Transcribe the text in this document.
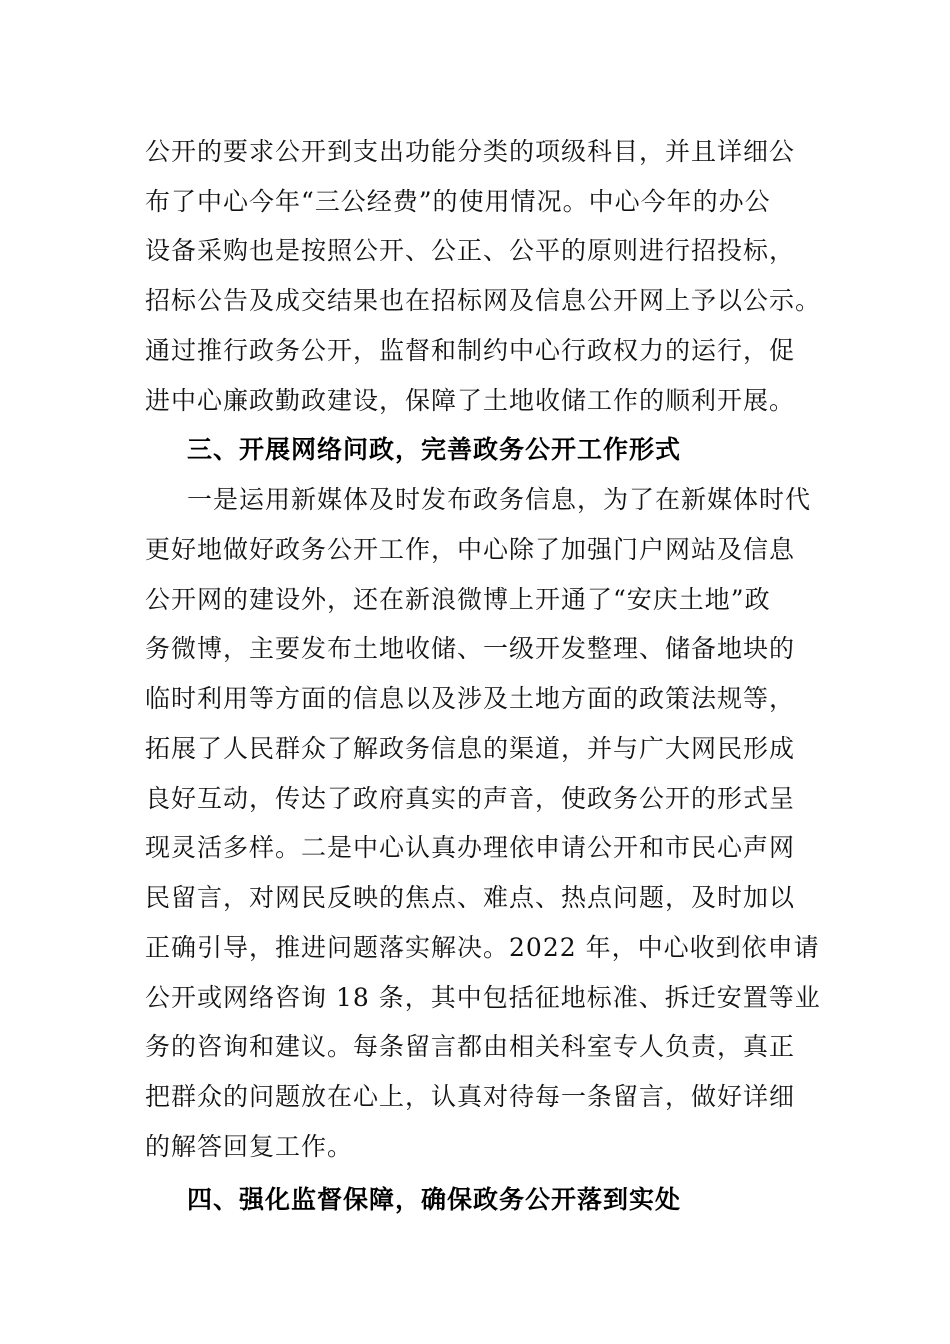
公开的要求公开到支出功能分类的项级科目，并且详细公
布了中心今年“三公经费”的使用情况。中心今年的办公
设备采购也是按照公开、公正、公平的原则进行招投标，
招标公告及成交结果也在招标网及信息公开网上予以公示。
通过推行政务公开，监督和制约中心行政权力的运行，促
进中心廉政勤政建设，保障了土地收储工作的顺利开展。
三、开展网络问政，完善政务公开工作形式
一是运用新媒体及时发布政务信息，为了在新媒体时代
更好地做好政务公开工作，中心除了加强门户网站及信息
公开网的建设外，还在新浪微博上开通了“安庆土地”政
务微博，主要发布土地收储、一级开发整理、储备地块的
临时利用等方面的信息以及涉及土地方面的政策法规等，
拓展了人民群众了解政务信息的渠道，并与广大网民形成
良好互动，传达了政府真实的声音，使政务公开的形式呈
现灵活多样。二是中心认真办理依申请公开和市民心声网
民留言，对网民反映的焦点、难点、热点问题，及时加以
正确引导，推进问题落实解决。2022 年，中心收到依申请
公开或网络咨询 18 条，其中包括征地标准、拆迁安置等业
务的咨询和建议。每条留言都由相关科室专人负责，真正
把群众的问题放在心上，认真对待每一条留言，做好详细
的解答回复工作。
四、强化监督保障，确保政务公开落到实处
